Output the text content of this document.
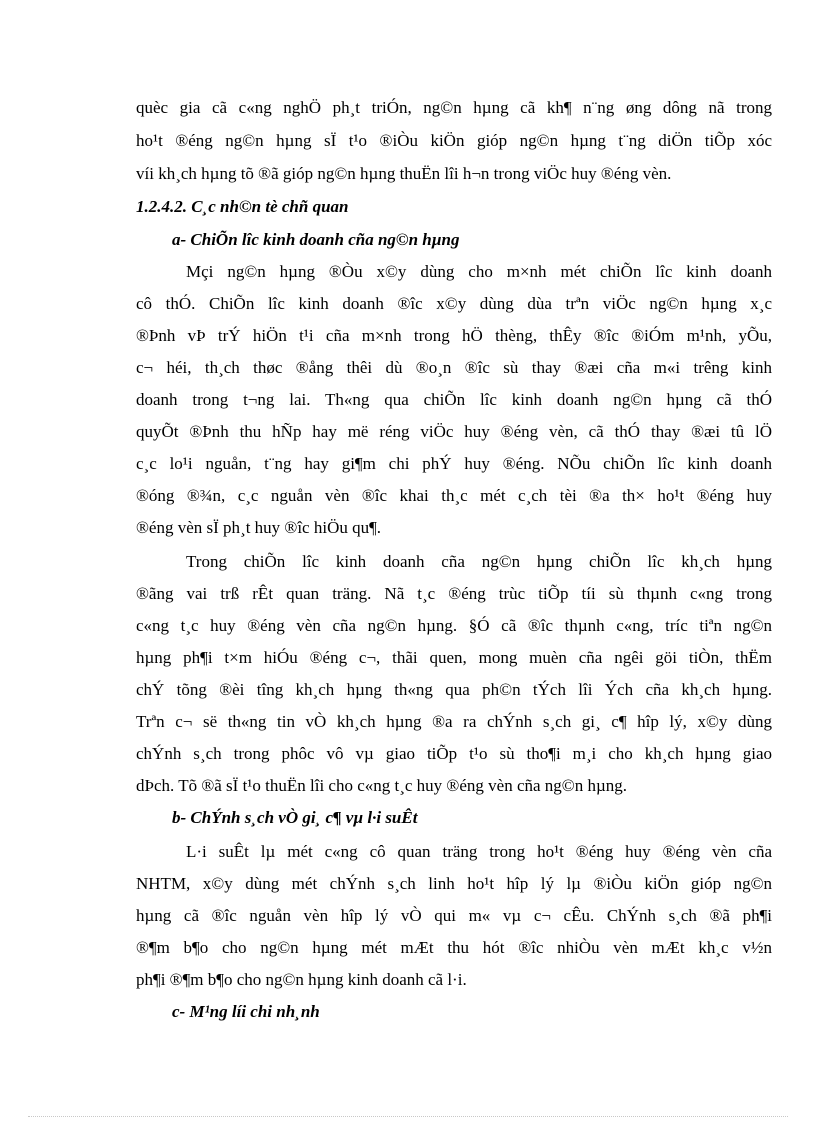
quèc gia cã c«ng nghÖ ph¸t triÓn, ng©n hµng cã kh¶ n¨ng øng dông nã trong
ho¹t ®éng ng©n hµng sÏ t¹o ®iÒu kiÖn gióp ng©n hµng t¨ng diÖn tiÕp xóc
víi kh¸ch hµng tõ ®ã gióp ng©n hµng thuËn lîi h¬n trong viÖc huy ®éng vèn.
1.2.4.2. C¸c nh©n tè chñ quan
a- ChiÕn lîc kinh doanh cña ng©n hµng
Mçi ng©n hµng ®Òu x©y dùng cho m×nh mét chiÕn lîc kinh doanh
cô thÓ. ChiÕn lîc kinh doanh ®îc x©y dùng dùa trªn viÖc ng©n hµng x¸c
®Þnh vÞ trÝ hiÖn t¹i cña m×nh trong hÖ thèng, thÊy ®îc ®iÓm m¹nh, yÕu,
c¬ héi, th¸ch thøc ®ång thêi dù ®o¸n ®îc sù thay ®æi cña m«i trêng kinh
doanh trong t¬ng lai. Th«ng qua chiÕn lîc kinh doanh ng©n hµng cã thÓ
quyÕt ®Þnh thu hÑp hay më réng viÖc huy ®éng vèn, cã thÓ thay ®æi tû lÖ
c¸c lo¹i nguån, t¨ng hay gi¶m chi phÝ huy ®éng. NÕu chiÕn lîc kinh doanh
®óng ®¾n, c¸c nguån vèn ®îc khai th¸c mét c¸ch tèi ®a th× ho¹t ®éng huy
®éng vèn sÏ ph¸t huy ®îc hiÖu qu¶.
Trong chiÕn lîc kinh doanh cña ng©n hµng chiÕn lîc kh¸ch hµng
®ãng vai trß rÊt quan träng. Nã t¸c ®éng trùc tiÕp tíi sù thµnh c«ng trong
c«ng t¸c huy ®éng vèn cña ng©n hµng. §Ó cã ®îc thµnh c«ng, tríc tiªn ng©n
hµng ph¶i t×m hiÓu ®éng c¬, thãi quen, mong muèn cña ngêi göi tiÒn, thËm
chÝ tõng ®èi tîng kh¸ch hµng th«ng qua ph©n tÝch lîi Ých cña kh¸ch hµng.
Trªn c¬ së th«ng tin vÒ kh¸ch hµng ®a ra chÝnh s¸ch gi¸ c¶ hîp lý, x©y dùng
chÝnh s¸ch trong phôc vô vµ giao tiÕp t¹o sù tho¶i m¸i cho kh¸ch hµng giao
dÞch. Tõ ®ã sÏ t¹o thuËn lîi cho c«ng t¸c huy ®éng vèn cña ng©n hµng.
b- ChÝnh s¸ch vÒ gi¸ c¶ vµ l·i suÊt
L·i suÊt lµ mét c«ng cô quan träng trong ho¹t ®éng huy ®éng vèn cña
NHTM, x©y dùng mét chÝnh s¸ch linh ho¹t hîp lý lµ ®iÒu kiÖn gióp ng©n
hµng cã ®îc nguån vèn hîp lý vÒ qui m« vµ c¬ cÊu. ChÝnh s¸ch ®ã ph¶i
®¶m b¶o cho ng©n hµng mét mÆt thu hót ®îc nhiÒu vèn mÆt kh¸c v½n
ph¶i ®¶m b¶o cho ng©n hµng kinh doanh cã l·i.
c- M¹ng líi chi nh¸nh
